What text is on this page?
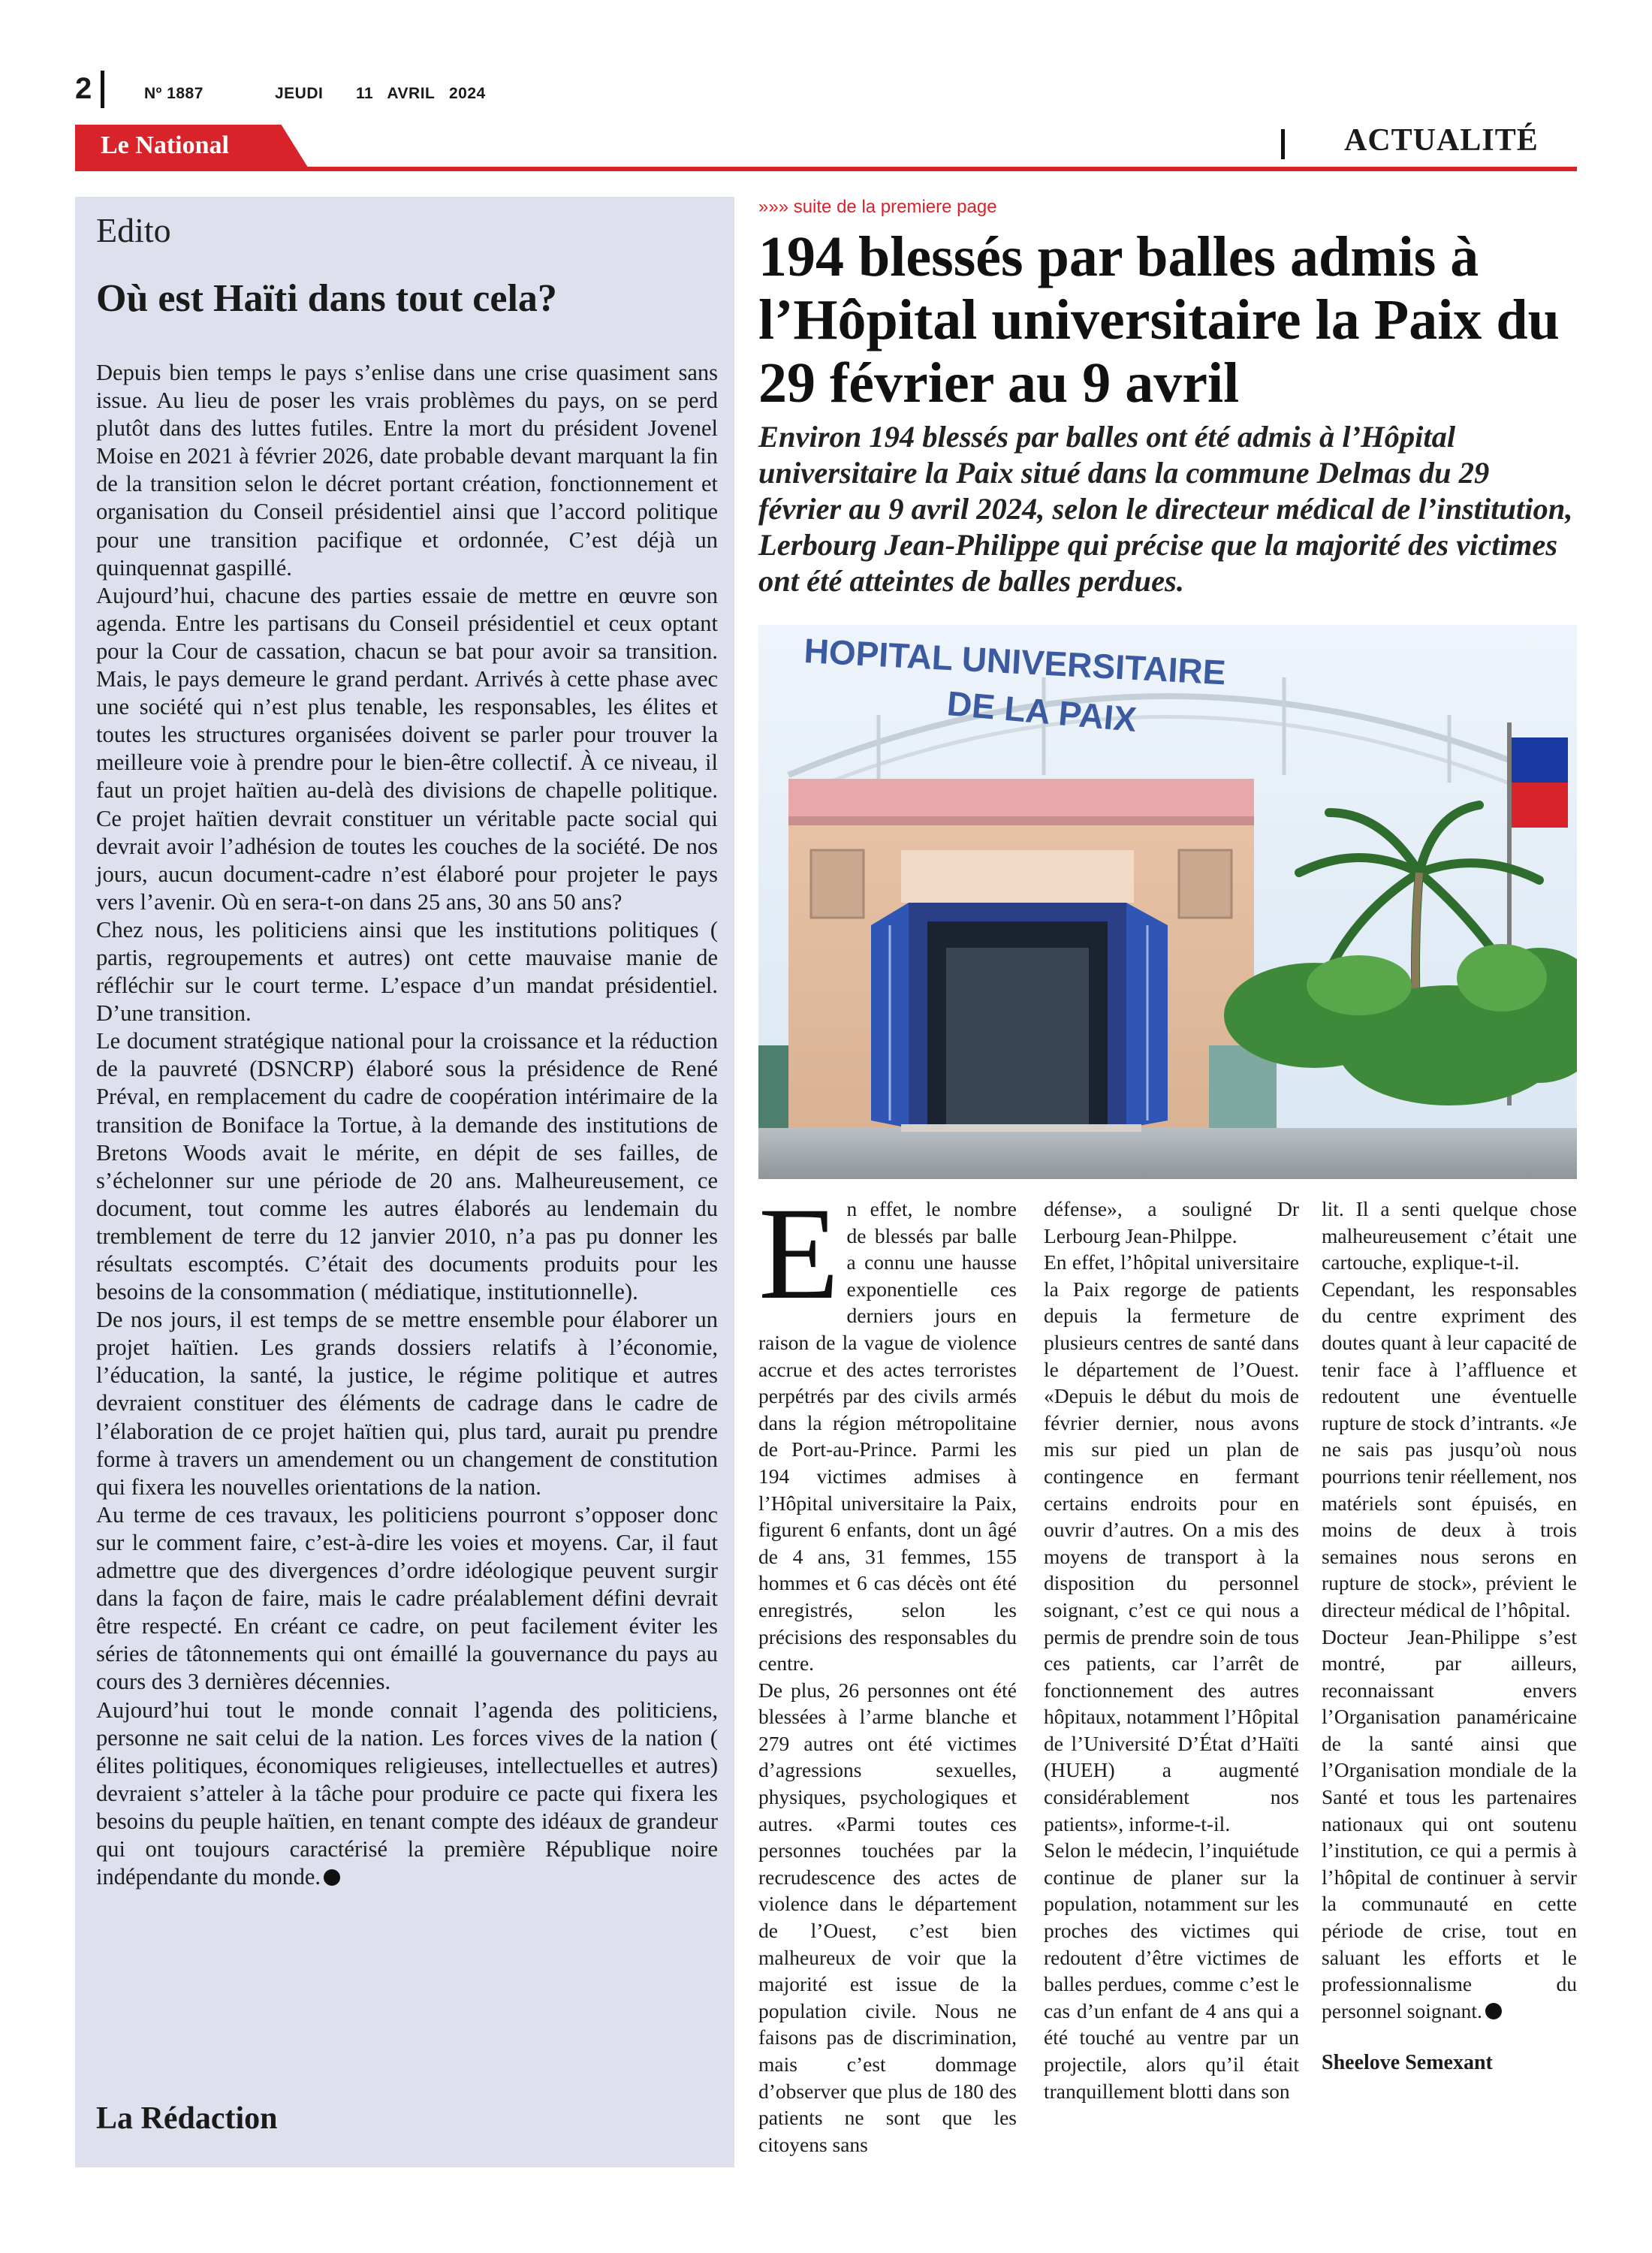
2	Nº 1887	JEUDI 11   AVRIL   2024
Le National	ACTUALITÉ
Edito
Où est Haïti dans tout cela?

Depuis bien temps le pays s’enlise dans une crise quasiment sans issue. Au lieu de poser les vrais problèmes du pays, on se perd plutôt dans des luttes futiles. Entre la mort du président Jovenel Moise en 2021 à février 2026, date probable devant marquant la fin de la transition selon le décret portant création, fonctionnement et organisation du Conseil présidentiel ainsi que l’accord politique pour une transition pacifique et ordonnée, C’est déjà un quinquennat gaspillé.

Aujourd’hui, chacune des parties essaie de mettre en œuvre son agenda. Entre les partisans du Conseil présidentiel et ceux optant pour la Cour de cassation, chacun se bat pour avoir sa transition. Mais, le pays demeure le grand perdant. Arrivés à cette phase avec une société qui n’est plus tenable, les responsables, les élites et toutes les structures organisées doivent se parler pour trouver la meilleure voie à prendre pour le bien-être collectif. À ce niveau, il faut un projet haïtien au-delà des divisions de chapelle politique. Ce projet haïtien devrait constituer un véritable pacte social qui devrait avoir l’adhésion de toutes les couches de la société. De nos jours, aucun document-cadre n’est élaboré pour projeter le pays vers l’avenir. Où en sera-t-on dans 25 ans, 30 ans 50 ans?

Chez nous, les politiciens ainsi que les institutions politiques ( partis, regroupements et autres) ont cette mauvaise manie de réfléchir sur le court terme. L’espace d’un mandat présidentiel. D’une transition.

Le document stratégique national pour la croissance et la réduction de la pauvreté (DSNCRP) élaboré sous la présidence de René Préval, en remplacement du cadre de coopération intérimaire de la transition de Boniface la Tortue, à la demande des institutions de Bretons Woods avait le mérite, en dépit de ses failles, de s’échelonner sur une période de 20 ans. Malheureusement, ce document, tout comme les autres élaborés au lendemain du tremblement de terre du 12 janvier 2010, n’a pas pu donner les résultats escomptés. C’était des documents produits pour les besoins de la consommation ( médiatique, institutionnelle).

De nos jours, il est temps de se mettre ensemble pour élaborer un projet haïtien. Les grands dossiers relatifs à l’économie, l’éducation, la santé, la justice, le régime politique et autres devraient constituer des éléments de cadrage dans le cadre de l’élaboration de ce projet haïtien qui, plus tard, aurait pu prendre forme à travers un amendement ou un changement de constitution qui fixera les nouvelles orientations de la nation.

Au terme de ces travaux, les politiciens pourront s’opposer donc sur le comment faire, c’est-à-dire les voies et moyens. Car, il faut admettre que des divergences d’ordre idéologique peuvent surgir dans la façon de faire, mais le cadre préalablement défini devrait être respecté. En créant ce cadre, on peut facilement éviter les séries de tâtonnements qui ont émaillé la gouvernance du pays au cours des 3 dernières décennies.

Aujourd’hui tout le monde connait l’agenda des politiciens, personne ne sait celui de la nation. Les forces vives de la nation ( élites politiques, économiques religieuses, intellectuelles et autres) devraient s’atteler à la tâche pour produire ce pacte qui fixera les besoins du peuple haïtien, en tenant compte des idéaux de grandeur qui ont toujours caractérisé la première République noire indépendante du monde.

La Rédaction
»»» suite de la premiere page
194 blessés par balles admis à l’Hôpital universitaire la Paix du 29 février au 9 avril
Environ 194 blessés par balles ont été admis à l’Hôpital universitaire la Paix situé dans la commune Delmas du 29 février au 9 avril 2024, selon le directeur médical de l’institution, Lerbourg Jean-Philippe qui précise que la majorité des victimes ont été atteintes de balles perdues.
HOPITAL UNIVERSITAIRE
DE LA PAIX
E n effet, le nombre de blessés par balle a connu une hausse exponentielle ces derniers jours en raison de la vague de violence accrue et des actes terroristes perpétrés par des civils armés dans la région métropolitaine de Port-au-Prince. Parmi les 194 victimes admises à l’Hôpital universitaire la Paix, figurent 6 enfants, dont un âgé de 4 ans, 31 femmes, 155 hommes et 6 cas décès ont été enregistrés, selon les précisions des responsables du centre.

De plus, 26 personnes ont été blessées à l’arme blanche et 279 autres ont été victimes d’agressions sexuelles, physiques, psychologiques et autres. «Parmi toutes ces personnes touchées par la recrudescence des actes de violence dans le département de l’Ouest, c’est bien malheureux de voir que la majorité est issue de la population civile. Nous ne faisons pas de discrimination, mais c’est dommage d’observer que plus de 180 des patients ne sont que les citoyens sans

défense», a souligné Dr Lerbourg Jean-Philppe.

En effet, l’hôpital universitaire la Paix regorge de patients depuis la fermeture de plusieurs centres de santé dans le département de l’Ouest. «Depuis le début du mois de février dernier, nous avons mis sur pied un plan de contingence en fermant certains endroits pour en ouvrir d’autres. On a mis des moyens de transport à la disposition du personnel soignant, c’est ce qui nous a permis de prendre soin de tous ces patients, car l’arrêt de fonctionnement des autres hôpitaux, notamment l’Hôpital de l’Université D’État d’Haïti (HUEH) a augmenté considérablement nos patients», informe-t-il.

Selon le médecin, l’inquiétude continue de planer sur la population, notamment sur les proches des victimes qui redoutent d’être victimes de balles perdues, comme c’est le cas d’un enfant de 4 ans qui a été touché au ventre par un projectile, alors qu’il était tranquillement blotti dans son

lit. Il a senti quelque chose malheureusement c’était une cartouche, explique-t-il.

Cependant, les responsables du centre expriment des doutes quant à leur capacité de tenir face à l’affluence et redoutent une éventuelle rupture de stock d’intrants. «Je ne sais pas jusqu’où nous pourrions tenir réellement, nos matériels sont épuisés, en moins de deux à trois semaines nous serons en rupture de stock», prévient le directeur médical de l’hôpital.

Docteur Jean-Philippe s’est montré, par ailleurs, reconnaissant envers l’Organisation panaméricaine de la santé ainsi que l’Organisation mondiale de la Santé et tous les partenaires nationaux qui ont soutenu l’institution, ce qui a permis à l’hôpital de continuer à servir la communauté en cette période de crise, tout en saluant les efforts et le professionnalisme du personnel soignant.

Sheelove Semexant
